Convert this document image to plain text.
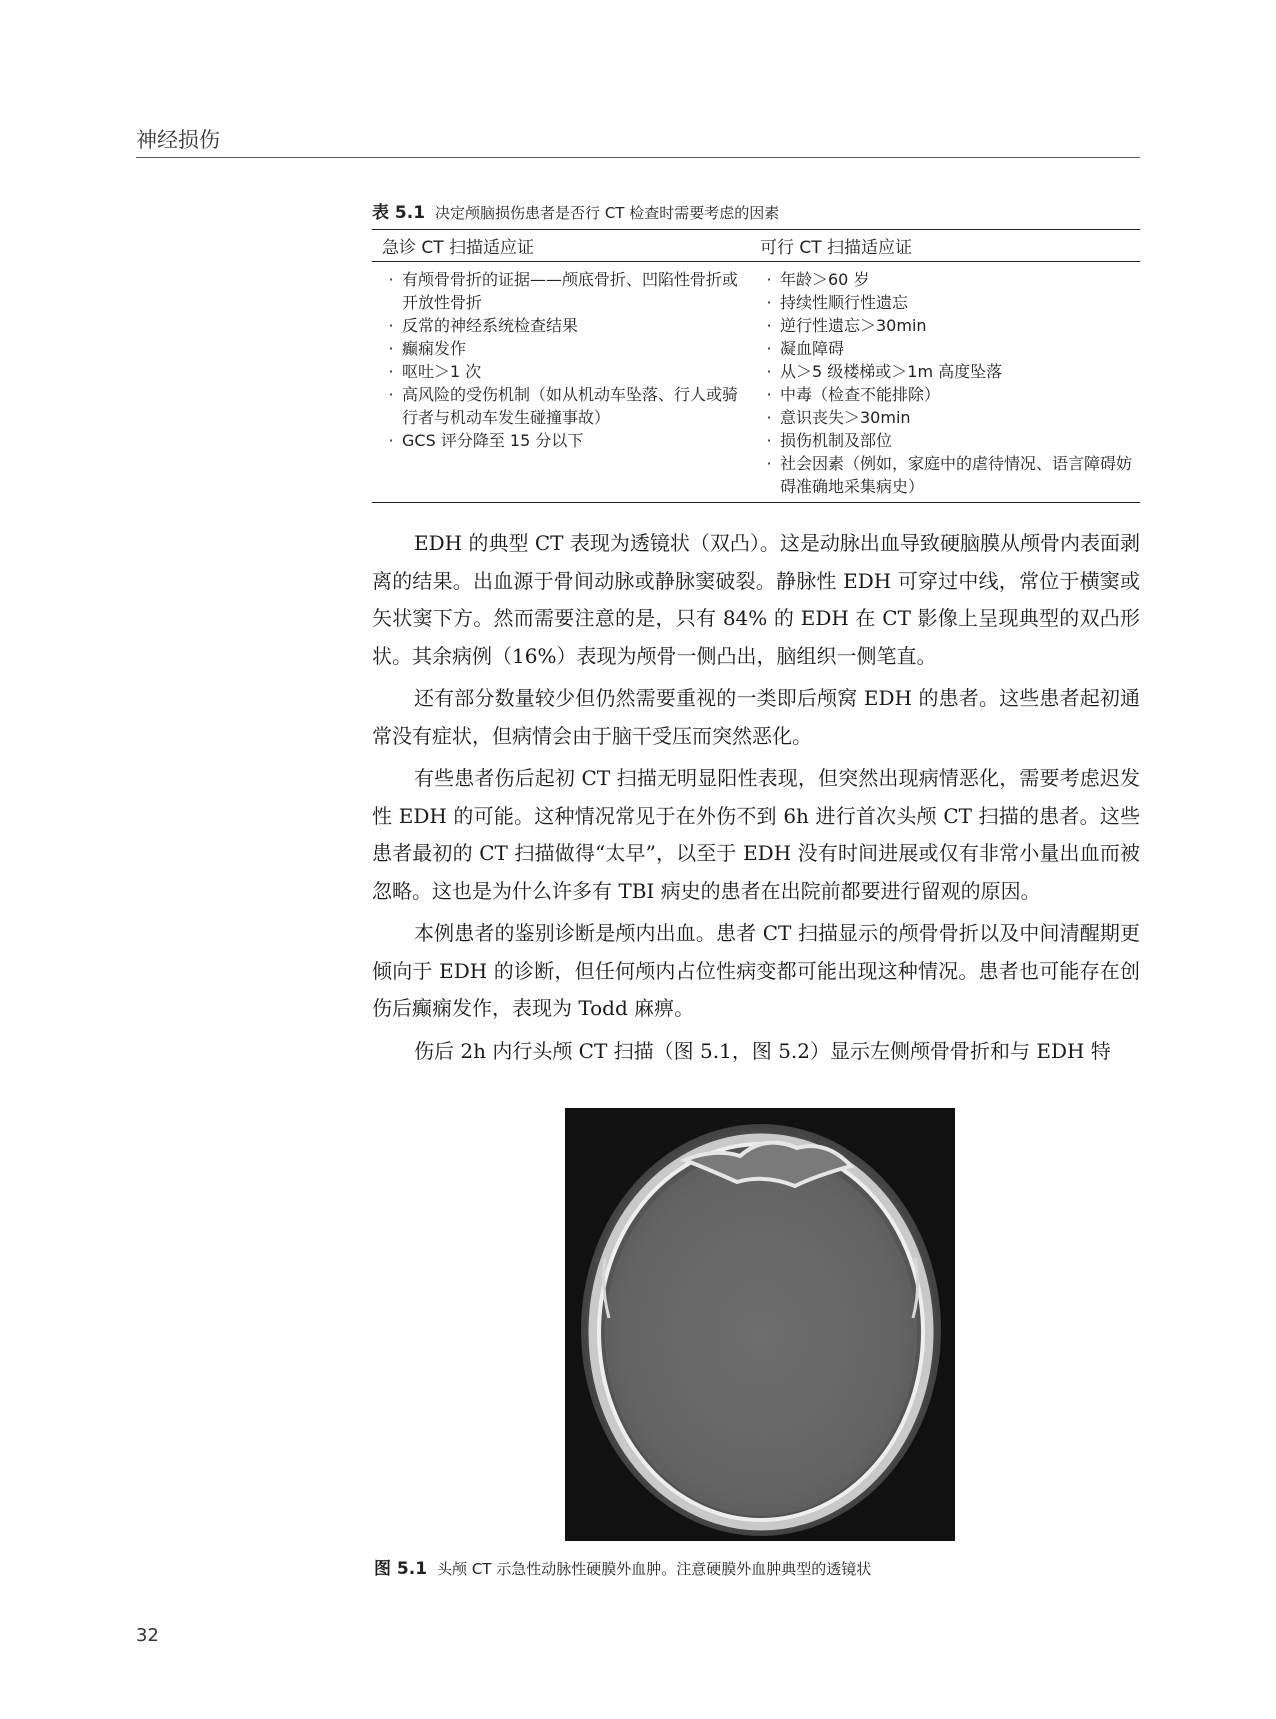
神经损伤
表 5.1 决定颅脑损伤患者是否行 CT 检查时需要考虑的因素
急诊 CT 扫描适应证	可行 CT 扫描适应证
· 有颅骨骨折的证据——颅底骨折、凹陷性骨折或开放性骨折
· 反常的神经系统检查结果
· 癫痫发作
· 呕吐＞1 次
· 高风险的受伤机制（如从机动车坠落、行人或骑行者与机动车发生碰撞事故）
· GCS 评分降至 15 分以下
· 年龄＞60 岁
· 持续性顺行性遗忘
· 逆行性遗忘＞30min
· 凝血障碍
· 从＞5 级楼梯或＞1m 高度坠落
· 中毒（检查不能排除）
· 意识丧失＞30min
· 损伤机制及部位
· 社会因素（例如，家庭中的虐待情况、语言障碍妨碍准确地采集病史）

EDH 的典型 CT 表现为透镜状（双凸）。这是动脉出血导致硬脑膜从颅骨内表面剥离的结果。出血源于骨间动脉或静脉窦破裂。静脉性 EDH 可穿过中线，常位于横窦或矢状窦下方。然而需要注意的是，只有 84% 的 EDH 在 CT 影像上呈现典型的双凸形状。其余病例（16%）表现为颅骨一侧凸出，脑组织一侧笔直。

还有部分数量较少但仍然需要重视的一类即后颅窝 EDH 的患者。这些患者起初通常没有症状，但病情会由于脑干受压而突然恶化。

有些患者伤后起初 CT 扫描无明显阳性表现，但突然出现病情恶化，需要考虑迟发性 EDH 的可能。这种情况常见于在外伤不到 6h 进行首次头颅 CT 扫描的患者。这些患者最初的 CT 扫描做得“太早”，以至于 EDH 没有时间进展或仅有非常小量出血而被忽略。这也是为什么许多有 TBI 病史的患者在出院前都要进行留观的原因。

本例患者的鉴别诊断是颅内出血。患者 CT 扫描显示的颅骨骨折以及中间清醒期更倾向于 EDH 的诊断，但任何颅内占位性病变都可能出现这种情况。患者也可能存在创伤后癫痫发作，表现为 Todd 麻痹。

伤后 2h 内行头颅 CT 扫描（图 5.1，图 5.2）显示左侧颅骨骨折和与 EDH 特

图 5.1 头颅 CT 示急性动脉性硬膜外血肿。注意硬膜外血肿典型的透镜状
32
